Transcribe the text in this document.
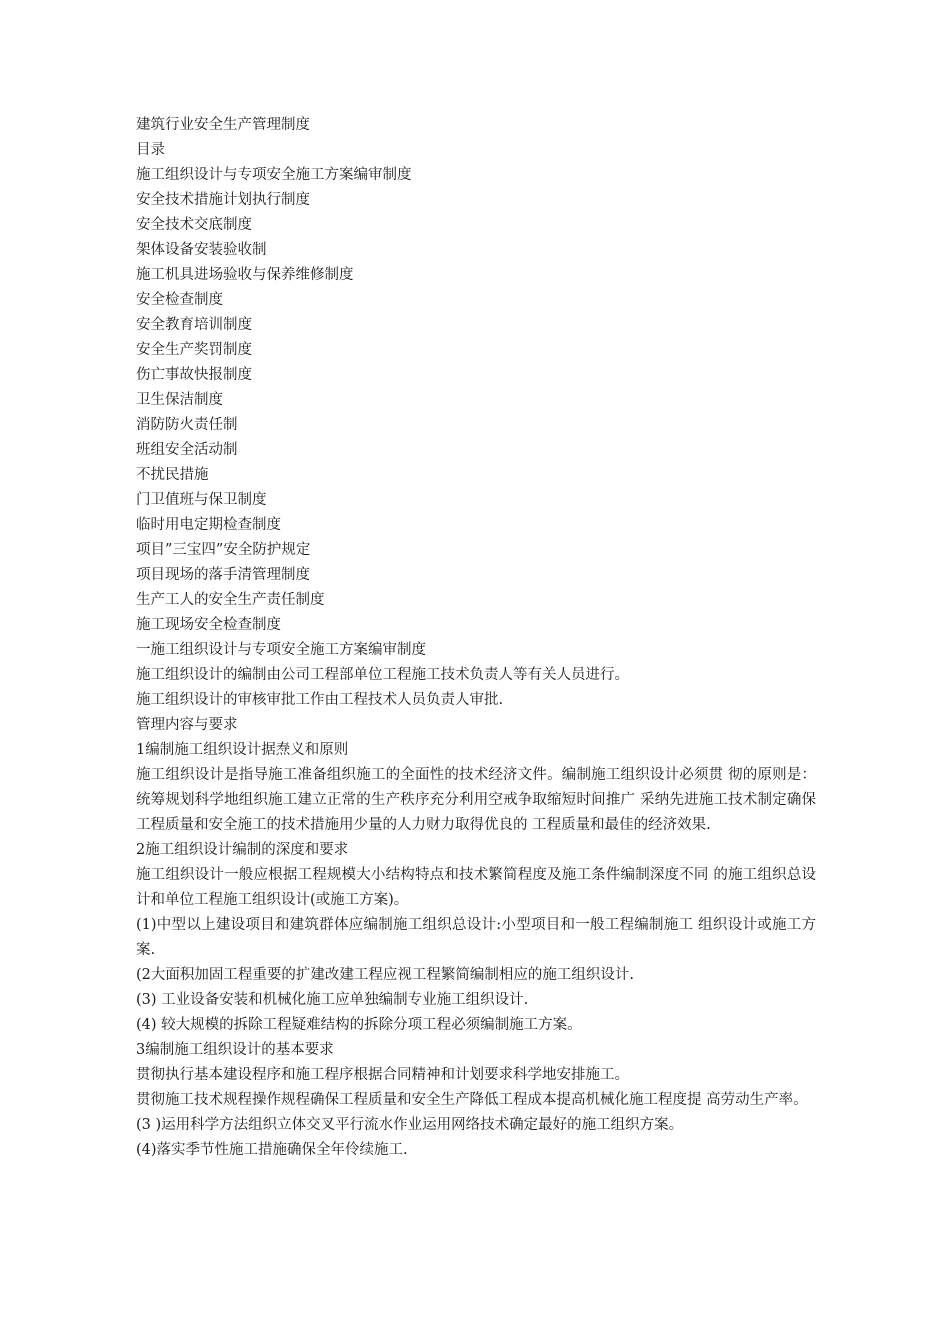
建筑行业安全生产管理制度
目录
施工组织设计与专项安全施工方案编审制度
安全技术措施计划执行制度
安全技术交底制度
架体设备安装验收制
施工机具进场验收与保养维修制度
安全检查制度
安全教育培训制度
安全生产奖罚制度
伤亡事故快报制度
卫生保洁制度
消防防火责任制
班组安全活动制
不扰民措施
门卫值班与保卫制度
临时用电定期检查制度
项目”三宝四”安全防护规定
项目现场的落手清管理制度
生产工人的安全生产责任制度
施工现场安全检查制度
一施工组织设计与专项安全施工方案编审制度
施工组织设计的编制由公司工程部单位工程施工技术负责人等有关人员进行。
施工组织设计的审核审批工作由工程技术人员负责人审批.
管理内容与要求
1编制施工组织设计据焘义和原则

施工组织设计是指导施工准备组织施工的全面性的技术经济文件。编制施工组织设计必须贯 彻的原则是：统筹规划科学地组织施工建立正常的生产秩序充分利用空戒争取缩短时间推广 采纳先进施工技术制定确保工程质量和安全施工的技术措施用少量的人力财力取得优良的 工程质量和最佳的经济效果.

2施工组织设计编制的深度和要求

施工组织设计一般应根据工程规模大小结构特点和技术繁简程度及施工条件编制深度不同 的施工组织总设计和单位工程施工组织设计(或施工方案)。

(1)中型以上建设项目和建筑群体应编制施工组织总设计:小型项目和一般工程编制施工 组织设计或施工方案.

(2大面积加固工程重要的扩建改建工程应视工程繁简编制相应的施工组织设计.
(3) 工业设备安装和机械化施工应单独编制专业施工组织设计.
(4) 较大规模的拆除工程疑难结构的拆除分项工程必须编制施工方案。
3编制施工组织设计的基本要求
贯彻执行基本建设程序和施工程序根据合同精神和计划要求科学地安排施工。

贯彻施工技术规程操作规程确保工程质量和安全生产降低工程成本提高机械化施工程度提 高劳动生产率。

(3 )运用科学方法组织立体交叉平行流水作业运用网络技术确定最好的施工组织方案。
(4)落实季节性施工措施确保全年伶续施工.
